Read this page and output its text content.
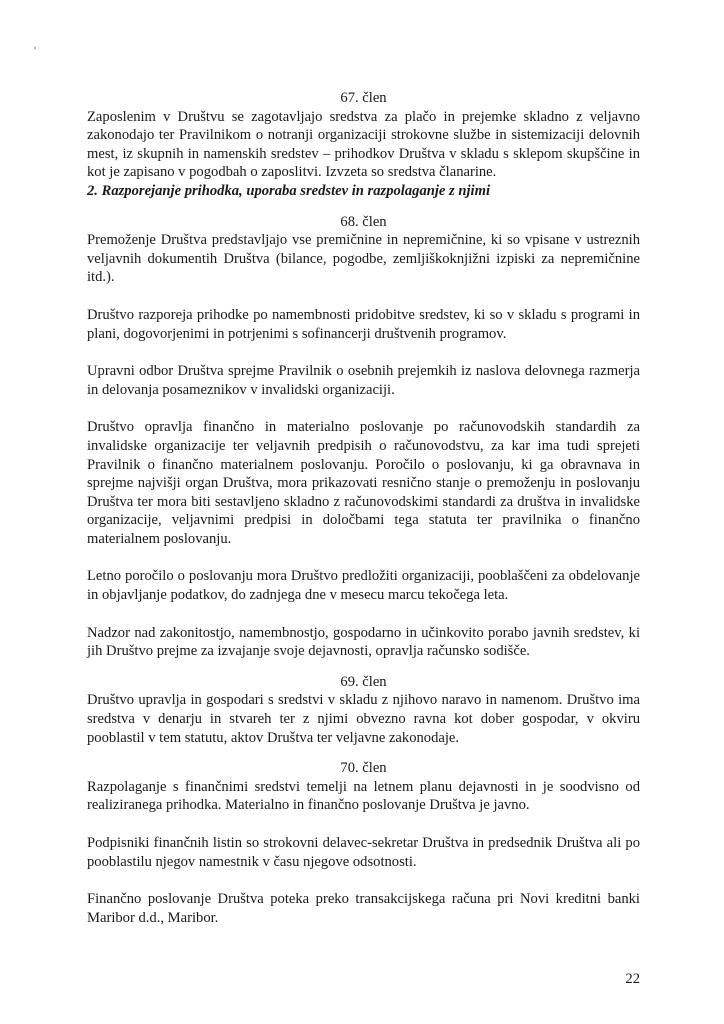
67. člen

Zaposlenim v Društvu se zagotavljajo sredstva za plačo in prejemke skladno z veljavno zakonodajo ter Pravilnikom o notranji organizaciji strokovne službe in sistemizaciji delovnih mest, iz skupnih in namenskih sredstev – prihodkov Društva v skladu s sklepom skupščine in kot je zapisano v pogodbah o zaposlitvi. Izvzeta so sredstva članarine.

2. Razporejanje prihodka, uporaba sredstev in razpolaganje z njimi

68. člen

Premoženje Društva predstavljajo vse premičnine in nepremičnine, ki so vpisane v ustreznih veljavnih dokumentih Društva (bilance, pogodbe, zemljiškoknjižni izpiski za nepremičnine itd.).

Društvo razporeja prihodke po namembnosti pridobitve sredstev, ki so v skladu s programi in plani, dogovorjenimi in potrjenimi s sofinancerji društvenih programov.

Upravni odbor Društva sprejme Pravilnik o osebnih prejemkih iz naslova delovnega razmerja in delovanja posameznikov v invalidski organizaciji.

Društvo opravlja finančno in materialno poslovanje po računovodskih standardih za invalidske organizacije ter veljavnih predpisih o računovodstvu, za kar ima tudi sprejeti Pravilnik o finančno materialnem poslovanju. Poročilo o poslovanju, ki ga obravnava in sprejme najvišji organ Društva, mora prikazovati resnično stanje o premoženju in poslovanju Društva ter mora biti sestavljeno skladno z računovodskimi standardi za društva in invalidske organizacije, veljavnimi predpisi in določbami tega statuta ter pravilnika o finančno materialnem poslovanju.

Letno poročilo o poslovanju mora Društvo predložiti organizaciji, pooblaščeni za obdelovanje in objavljanje podatkov, do zadnjega dne v mesecu marcu tekočega leta.

Nadzor nad zakonitostjo, namembnostjo, gospodarno in učinkovito porabo javnih sredstev, ki jih Društvo prejme za izvajanje svoje dejavnosti, opravlja računsko sodišče.

69. člen

Društvo upravlja in gospodari s sredstvi v skladu z njihovo naravo in namenom. Društvo ima sredstva v denarju in stvareh ter z njimi obvezno ravna kot dober gospodar, v okviru pooblastil v tem statutu, aktov Društva ter veljavne zakonodaje.

70. člen

Razpolaganje s finančnimi sredstvi temelji na letnem planu dejavnosti in je soodvisno od realiziranega prihodka. Materialno in finančno poslovanje Društva je javno.

Podpisniki finančnih listin so strokovni delavec-sekretar Društva in predsednik Društva ali po pooblastilu njegov namestnik v času njegove odsotnosti.

Finančno poslovanje Društva poteka preko transakcijskega računa pri Novi kreditni banki Maribor d.d., Maribor.

22
